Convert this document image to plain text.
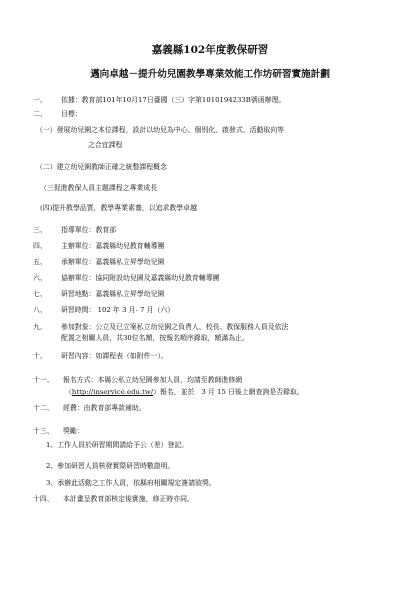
嘉義縣102年度教保研習
邁向卓越－提升幼兒園教學專業效能工作坊研習實施計劃
一、 依據：教育部101年10月17日臺國（三）字第1010194233B號函辦理。
二、 目標：
（一）發展幼兒園之本位課程，設計以幼兒為中心、個別化、啟發式、活動取向等
之合宜課程
（二）建立幼兒園教師正確之統整課程概念
（三促進教保人員主題課程之專業成長
(四)提升教學品質，教學專業素養，以追求教學卓越
三、 指導單位：教育部
四、 主辦單位：嘉義縣幼兒教育輔導團
五、 承辦單位：嘉義縣私立昇學幼兒園
六、 協辦單位：協同附設幼兒園及嘉義縣幼兒教育輔導團
七、 研習地點：嘉義縣私立昇學幼兒園
八、 研習時間： 102 年 3 月- 7 月（六）
九、 參加對象：公立及已立案私立幼兒園之負責人、校長、教保服務人員及依法
配置之相關人員，共30位名額，按報名順序錄取，額滿為止。
十、 研習內容：如課程表（如附件一）。
十一、 報名方式：本縣公私立幼兒園參加人員，均請至教師進修網
（http://inservice.edu.tw/）報名，並於　3 月 15 日後上網查詢是否錄取。
十二、 經費：由教育部專款補助。
十三、 獎勵：
1、工作人員於研習期間請給予公（差）登記。
2、參加研習人員核發實際研習時數證明。
3、承辦此活動之工作人員，依縣府相關規定簽請敘獎。
十四、 本計畫呈教育部核定後實施，修正時亦同。
